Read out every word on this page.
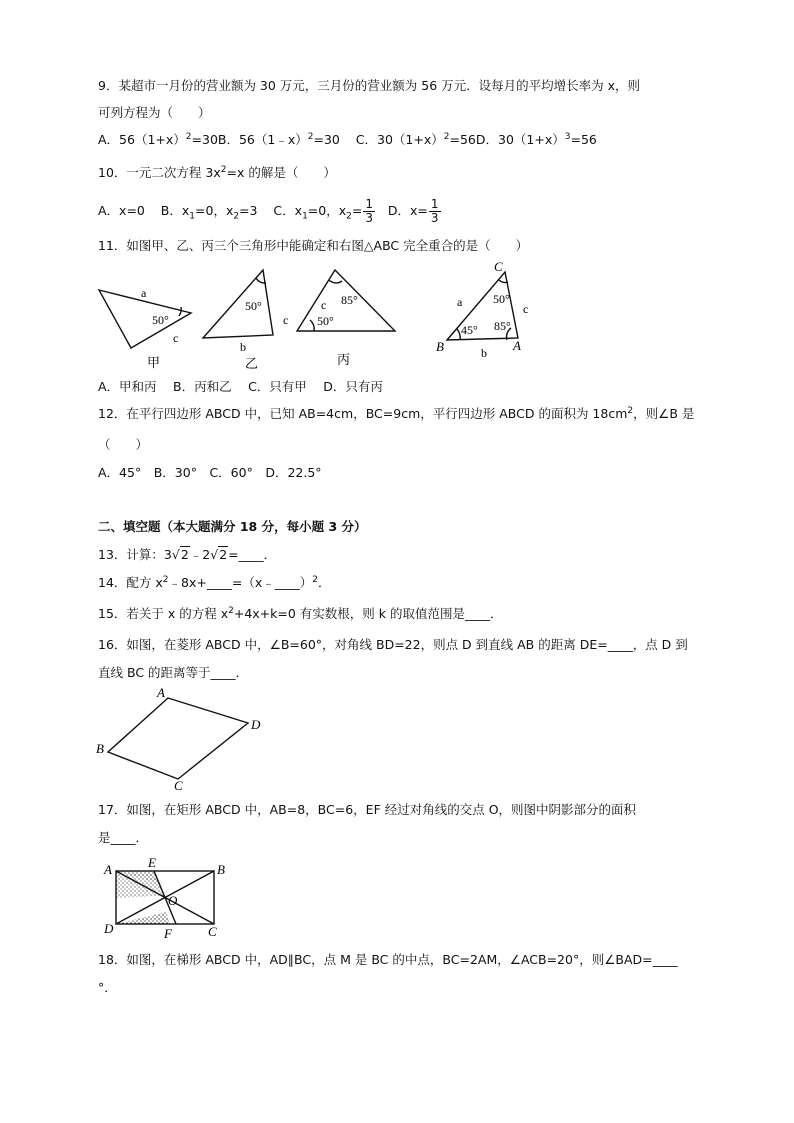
9．某超市一月份的营业额为 30 万元，三月份的营业额为 56 万元．设每月的平均增长率为 x，则
可列方程为（　　）
A．$56(1+x)^2=30B$．56（1﹣x）$^2$=30 C．$30(1+x)^2=56D$．$30(1+x)^3=56$
10．一元二次方程 $3x^2=x$ 的解是（　　）
A．x=0 B．$x_1=0$，$x_2=3$ C．$x_1=0$，$x_2= \frac{1}{3}$ D．$x= \frac{1}{3}$
11．如图甲、乙、丙三个三角形中能确定和右图△ABC 完全重合的是（　　）
a
50°
c
甲
50°
b
c
乙
c 85°
50°
丙
C
B	A
a
b
c
50°
45° 85°
A．甲和丙　 B．丙和乙　 C．只有甲　 D．只有丙
12．在平行四边形 ABCD 中，已知 AB=4cm，BC=9cm，平行四边形 ABCD 的面积为 $18cm^2$，则∠B 是
（　　）
A．45°　B．30°　C．60°　D．22.5°
二、填空题（本大题满分 18 分，每小题 3 分）
13．计算：3√2﹣2√2=____．
14．配方 $x^2﹣8x+\_\_\_\_=(x﹣\_\_\_\_)^2$．
15．若关于 x 的方程 $x^2+4x+k=0$ 有实数根，则 k 的取值范围是____．
16．如图，在菱形 ABCD 中，∠B=60°，对角线 BD=22，则点 D 到直线 AB 的距离 DE=____，点 D 到
直线 BC 的距离等于____．
A
D
C
B
17．如图，在矩形 ABCD 中，AB=8，BC=6，EF 经过对角线的交点 O，则图中阴影部分的面积
是____．
A	B
D	C
E
F
O
18．如图，在梯形 ABCD 中，AD∥BC，点 M 是 BC 的中点，BC=2AM，∠ACB=20°，则∠BAD=____
°．
